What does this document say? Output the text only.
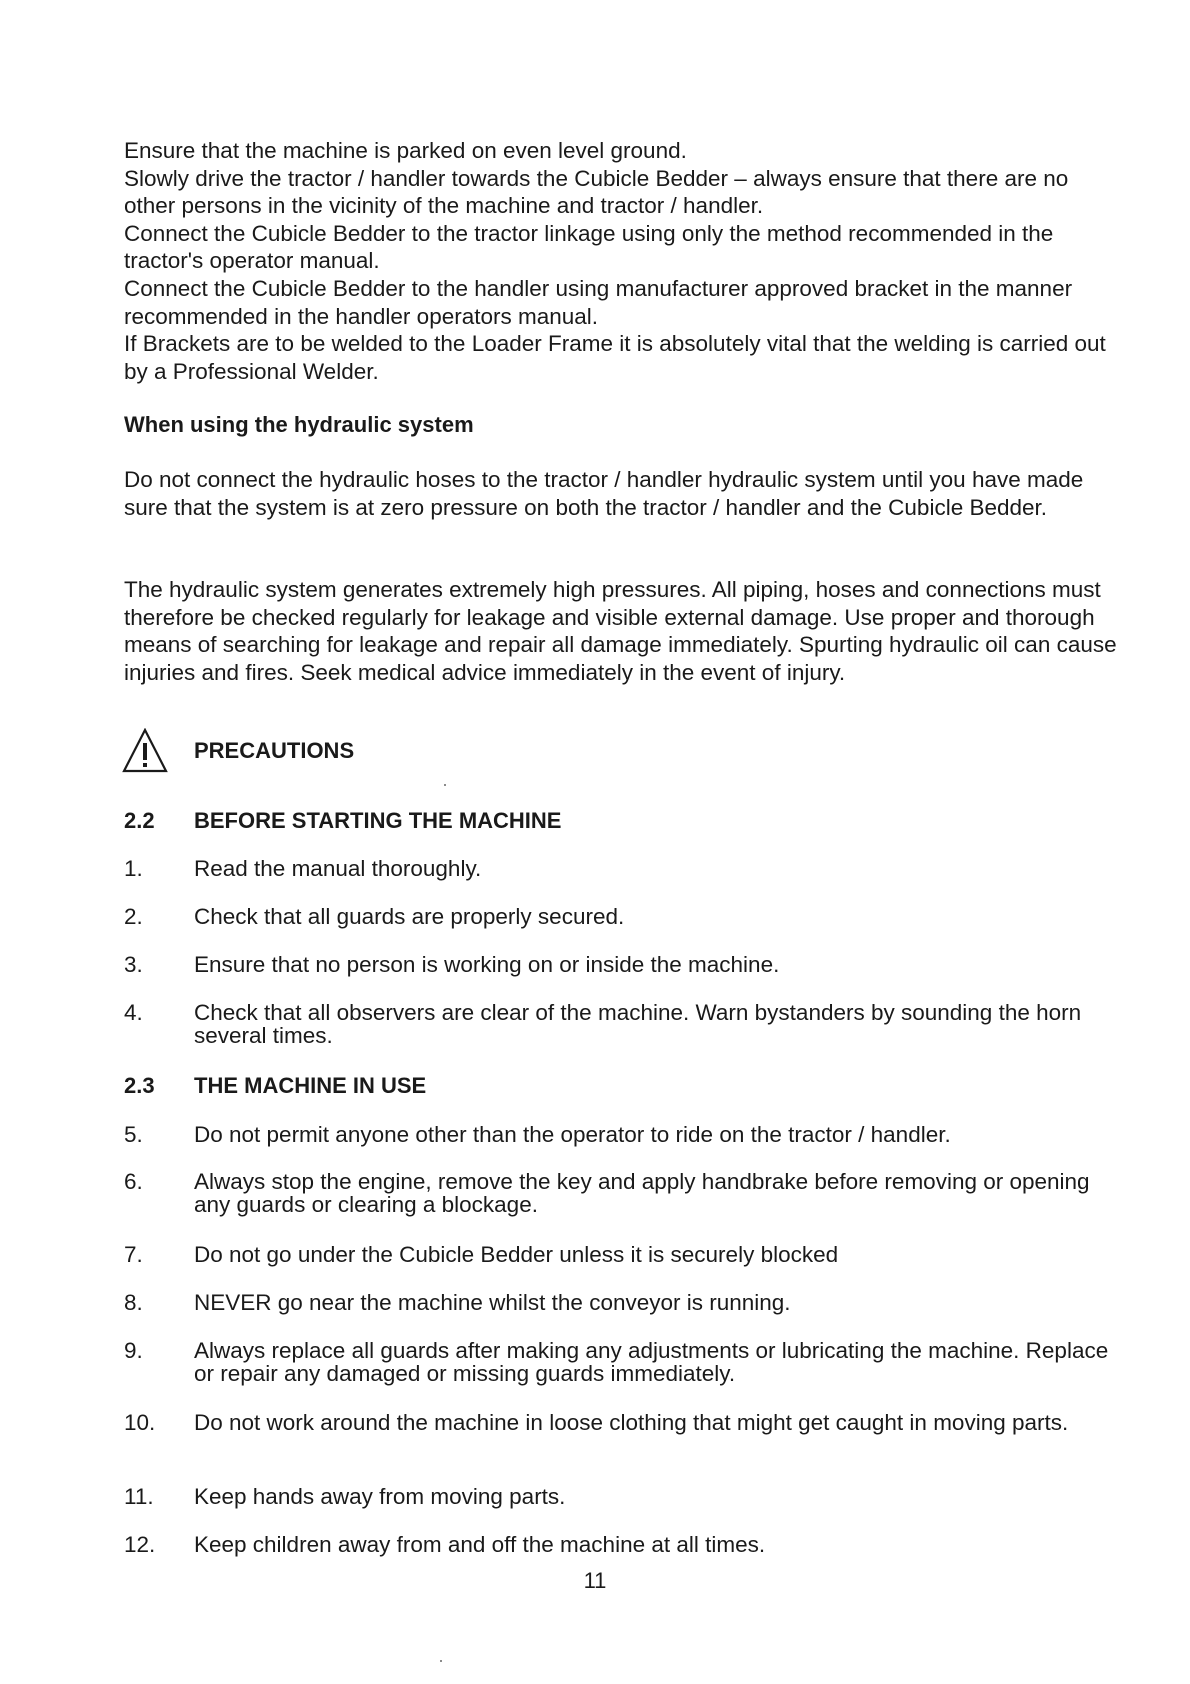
Ensure that the machine is parked on even level ground.

Slowly drive the tractor / handler towards the Cubicle Bedder – always ensure that there are no other persons in the vicinity of the machine and tractor / handler.

Connect the Cubicle Bedder to the tractor linkage using only the method recommended in the tractor's operator manual.

Connect the Cubicle Bedder to the handler using manufacturer approved bracket in the manner recommended in the handler operators manual.

If Brackets are to be welded to the Loader Frame it is absolutely vital that the welding is carried out by a Professional Welder.

When using the hydraulic system

Do not connect the hydraulic hoses to the tractor / handler hydraulic system until you have made sure that the system is at zero pressure on both the tractor / handler and the Cubicle Bedder.

The hydraulic system generates extremely high pressures. All piping, hoses and connections must therefore be checked regularly for leakage and visible external damage. Use proper and thorough means of searching for leakage and repair all damage immediately. Spurting hydraulic oil can cause injuries and fires. Seek medical advice immediately in the event of injury.

PRECAUTIONS
2.2 BEFORE STARTING THE MACHINE
1. Read the manual thoroughly.
2. Check that all guards are properly secured.
3. Ensure that no person is working on or inside the machine.
4. Check that all observers are clear of the machine. Warn bystanders by sounding the horn several times.
2.3 THE MACHINE IN USE
5. Do not permit anyone other than the operator to ride on the tractor / handler.
6. Always stop the engine, remove the key and apply handbrake before removing or opening any guards or clearing a blockage.
7. Do not go under the Cubicle Bedder unless it is securely blocked
8. NEVER go near the machine whilst the conveyor is running.
9. Always replace all guards after making any adjustments or lubricating the machine. Replace or repair any damaged or missing guards immediately.
10. Do not work around the machine in loose clothing that might get caught in moving parts.
11. Keep hands away from moving parts.
12. Keep children away from and off the machine at all times.
11
